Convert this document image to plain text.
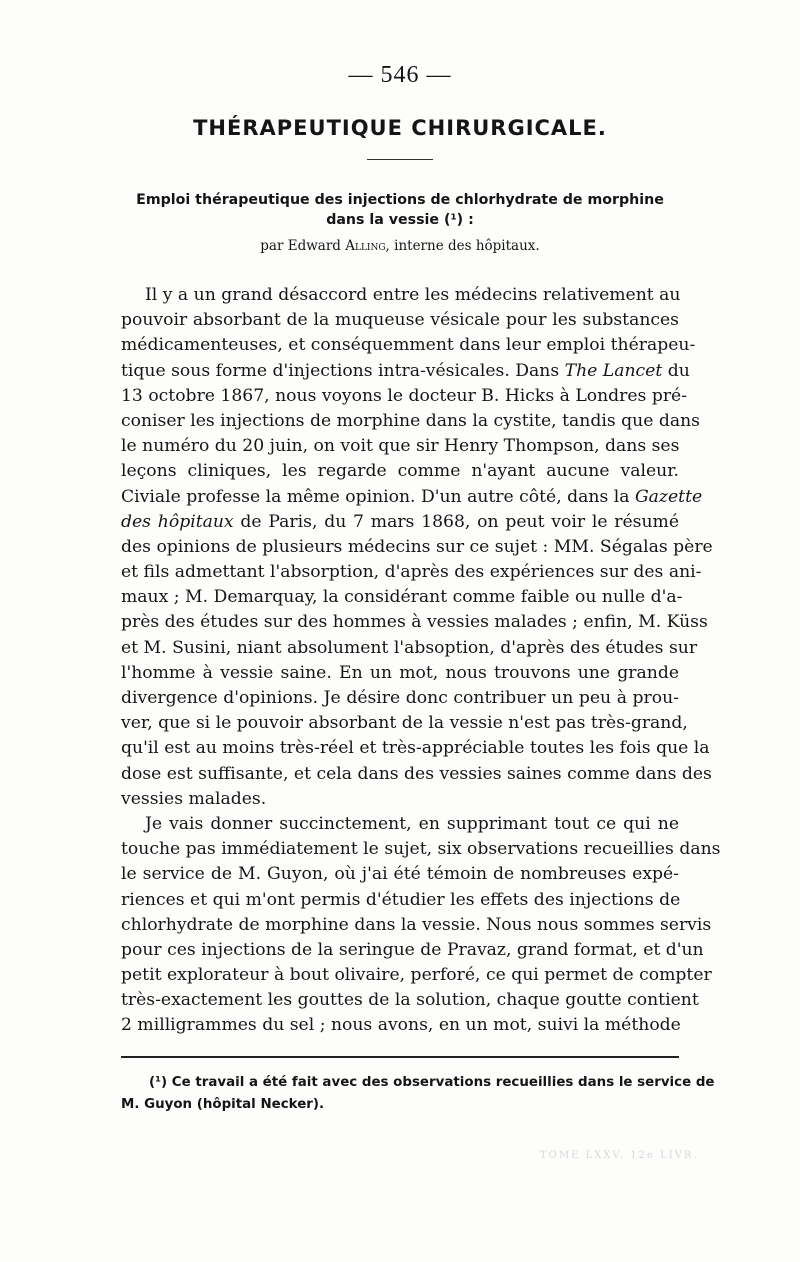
— 546 —
THÉRAPEUTIQUE CHIRURGICALE.
Emploi thérapeutique des injections de chlorhydrate de morphine
dans la vessie (¹) :
par Edward Alling, interne des hôpitaux.
Il y a un grand désaccord entre les médecins relativement au
pouvoir absorbant de la muqueuse vésicale pour les substances
médicamenteuses, et conséquemment dans leur emploi thérapeu-
tique sous forme d'injections intra-vésicales. Dans The Lancet du
13 octobre 1867, nous voyons le docteur B. Hicks à Londres pré-
coniser les injections de morphine dans la cystite, tandis que dans
le numéro du 20 juin, on voit que sir Henry Thompson, dans ses
leçons cliniques, les regarde comme n'ayant aucune valeur.
Civiale professe la même opinion. D'un autre côté, dans la Gazette
des hôpitaux de Paris, du 7 mars 1868, on peut voir le résumé
des opinions de plusieurs médecins sur ce sujet : MM. Ségalas père
et fils admettant l'absorption, d'après des expériences sur des ani-
maux ; M. Demarquay, la considérant comme faible ou nulle d'a-
près des études sur des hommes à vessies malades ; enfin, M. Küss
et M. Susini, niant absolument l'absoption, d'après des études sur
l'homme à vessie saine. En un mot, nous trouvons une grande
divergence d'opinions. Je désire donc contribuer un peu à prou-
ver, que si le pouvoir absorbant de la vessie n'est pas très-grand,
qu'il est au moins très-réel et très-appréciable toutes les fois que la
dose est suffisante, et cela dans des vessies saines comme dans des
vessies malades.
Je vais donner succinctement, en supprimant tout ce qui ne
touche pas immédiatement le sujet, six observations recueillies dans
le service de M. Guyon, où j'ai été témoin de nombreuses expé-
riences et qui m'ont permis d'étudier les effets des injections de
chlorhydrate de morphine dans la vessie. Nous nous sommes servis
pour ces injections de la seringue de Pravaz, grand format, et d'un
petit explorateur à bout olivaire, perforé, ce qui permet de compter
très-exactement les gouttes de la solution, chaque goutte contient
2 milligrammes du sel ; nous avons, en un mot, suivi la méthode
(¹) Ce travail a été fait avec des observations recueillies dans le service de
M. Guyon (hôpital Necker).
TOME LXXV. 12e LIVR.
